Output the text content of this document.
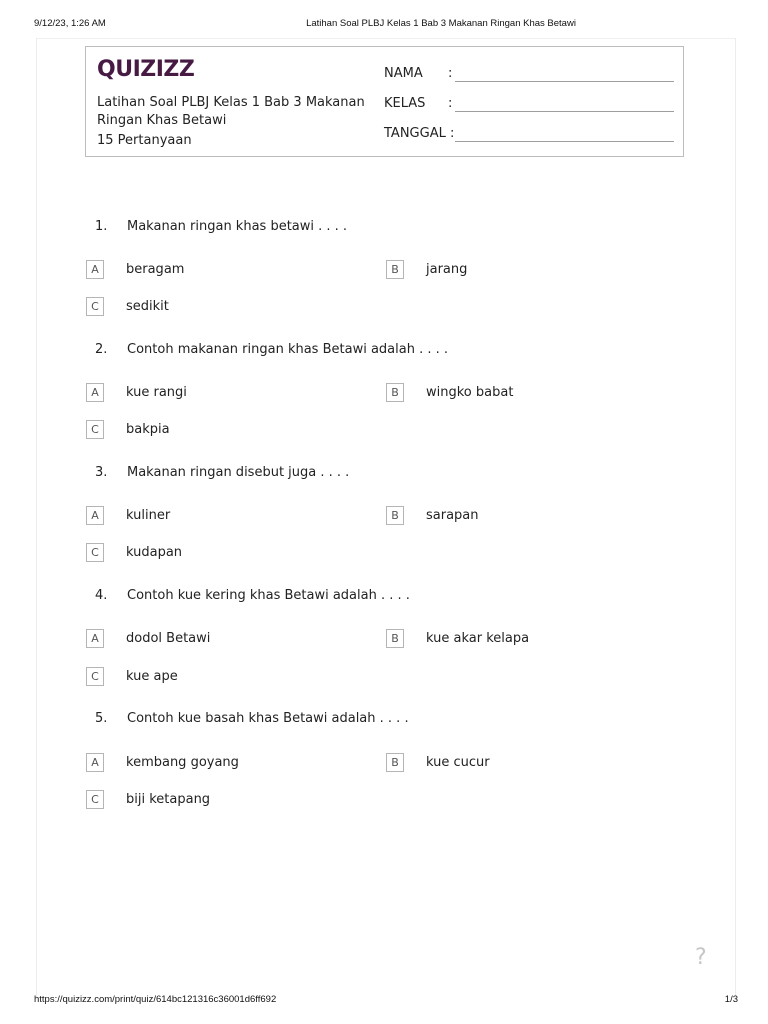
9/12/23, 1:26 AM	Latihan Soal PLBJ Kelas 1 Bab 3 Makanan Ringan Khas Betawi
QUIZIZZ
Latihan Soal PLBJ Kelas 1 Bab 3 Makanan Ringan Khas Betawi
15 Pertanyaan
NAMA :
KELAS :
TANGGAL :
1. Makanan ringan khas betawi . . . .
A	beragam	B	jarang
C	sedikit
2. Contoh makanan ringan khas Betawi adalah . . . .
A	kue rangi	B	wingko babat
C	bakpia
3. Makanan ringan disebut juga . . . .
A	kuliner	B	sarapan
C	kudapan
4. Contoh kue kering khas Betawi adalah . . . .
A	dodol Betawi	B	kue akar kelapa
C	kue ape
5. Contoh kue basah khas Betawi adalah . . . .
A	kembang goyang	B	kue cucur
C	biji ketapang
?
https://quizizz.com/print/quiz/614bc121316c36001d6ff692	1/3
